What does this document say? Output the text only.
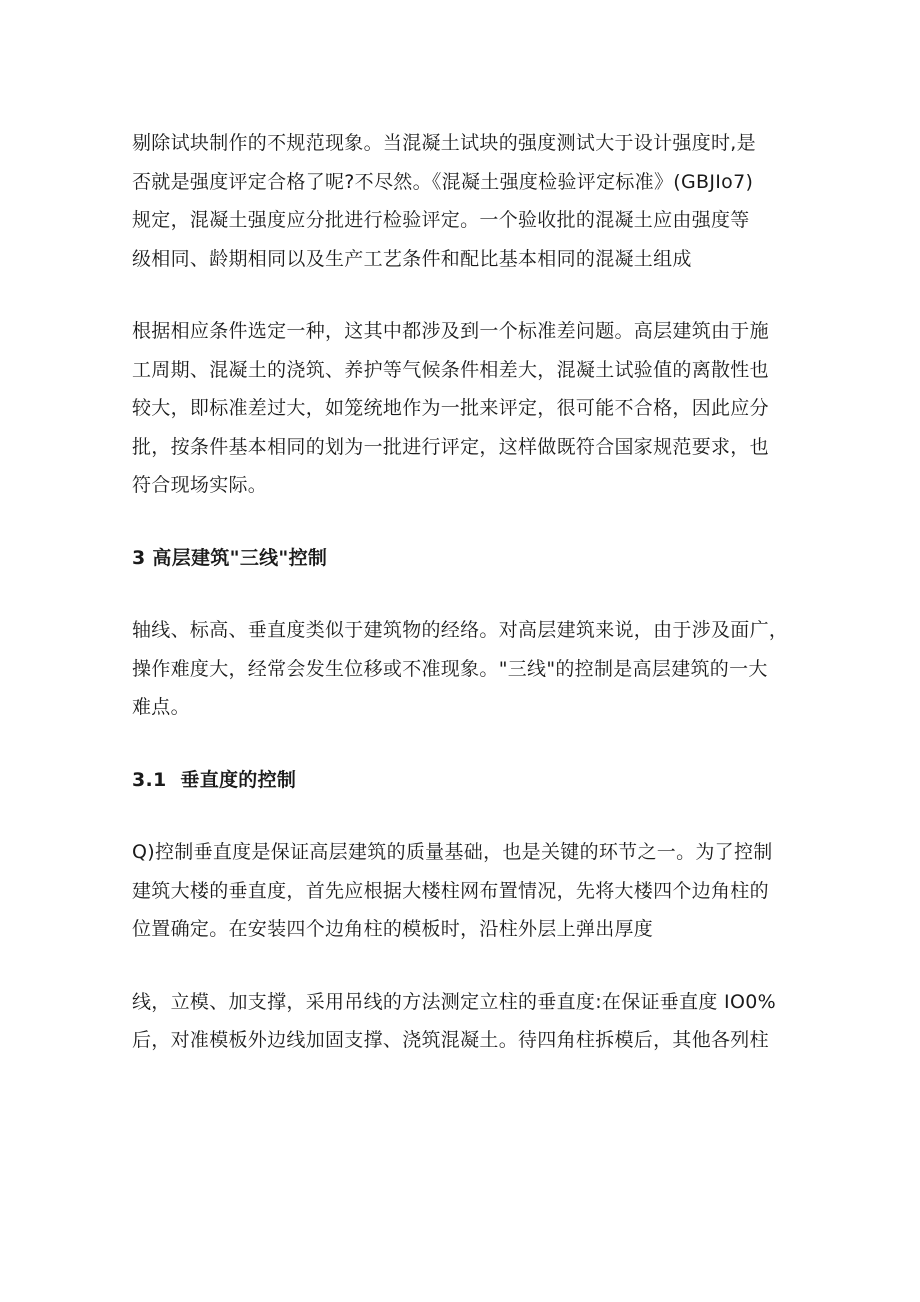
剔除试块制作的不规范现象。当混凝土试块的强度测试大于设计强度时,是
否就是强度评定合格了呢?不尽然。《混凝土强度检验评定标准》(GBJIo7)
规定，混凝土强度应分批进行检验评定。一个验收批的混凝土应由强度等
级相同、龄期相同以及生产工艺条件和配比基本相同的混凝土组成

根据相应条件选定一种，这其中都涉及到一个标准差问题。高层建筑由于施
工周期、混凝土的浇筑、养护等气候条件相差大，混凝土试验值的离散性也
较大，即标准差过大，如笼统地作为一批来评定，很可能不合格，因此应分
批，按条件基本相同的划为一批进行评定，这样做既符合国家规范要求，也
符合现场实际。

3 高层建筑"三线"控制

轴线、标高、垂直度类似于建筑物的经络。对高层建筑来说，由于涉及面广，
操作难度大，经常会发生位移或不准现象。"三线"的控制是高层建筑的一大
难点。

3.1  垂直度的控制

Q)控制垂直度是保证高层建筑的质量基础，也是关键的环节之一。为了控制
建筑大楼的垂直度，首先应根据大楼柱网布置情况，先将大楼四个边角柱的
位置确定。在安装四个边角柱的模板时，沿柱外层上弹出厚度

线，立模、加支撑，采用吊线的方法测定立柱的垂直度:在保证垂直度 IO0%
后，对准模板外边线加固支撑、浇筑混凝土。待四角柱拆模后，其他各列柱
